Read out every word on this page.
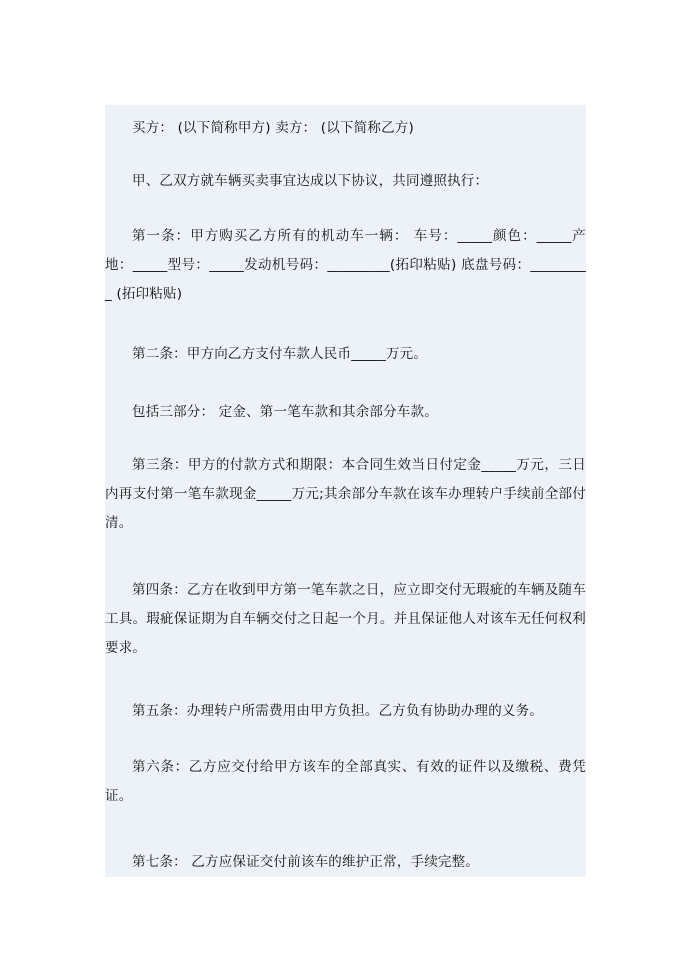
买方： (以下简称甲方) 卖方： (以下简称乙方)

甲、乙双方就车辆买卖事宜达成以下协议，共同遵照执行：

第一条：甲方购买乙方所有的机动车一辆： 车号：_____颜色：_____产地：_____型号：_____发动机号码：_________(拓印粘贴) 底盘号码：_________ (拓印粘贴)

第二条：甲方向乙方支付车款人民币_____万元。

包括三部分： 定金、第一笔车款和其余部分车款。

第三条：甲方的付款方式和期限：本合同生效当日付定金_____万元，三日内再支付第一笔车款现金_____万元;其余部分车款在该车办理转户手续前全部付清。

第四条：乙方在收到甲方第一笔车款之日，应立即交付无瑕疵的车辆及随车工具。瑕疵保证期为自车辆交付之日起一个月。并且保证他人对该车无任何权利要求。

第五条：办理转户所需费用由甲方负担。乙方负有协助办理的义务。

第六条：乙方应交付给甲方该车的全部真实、有效的证件以及缴税、费凭证。

第七条： 乙方应保证交付前该车的维护正常，手续完整。
